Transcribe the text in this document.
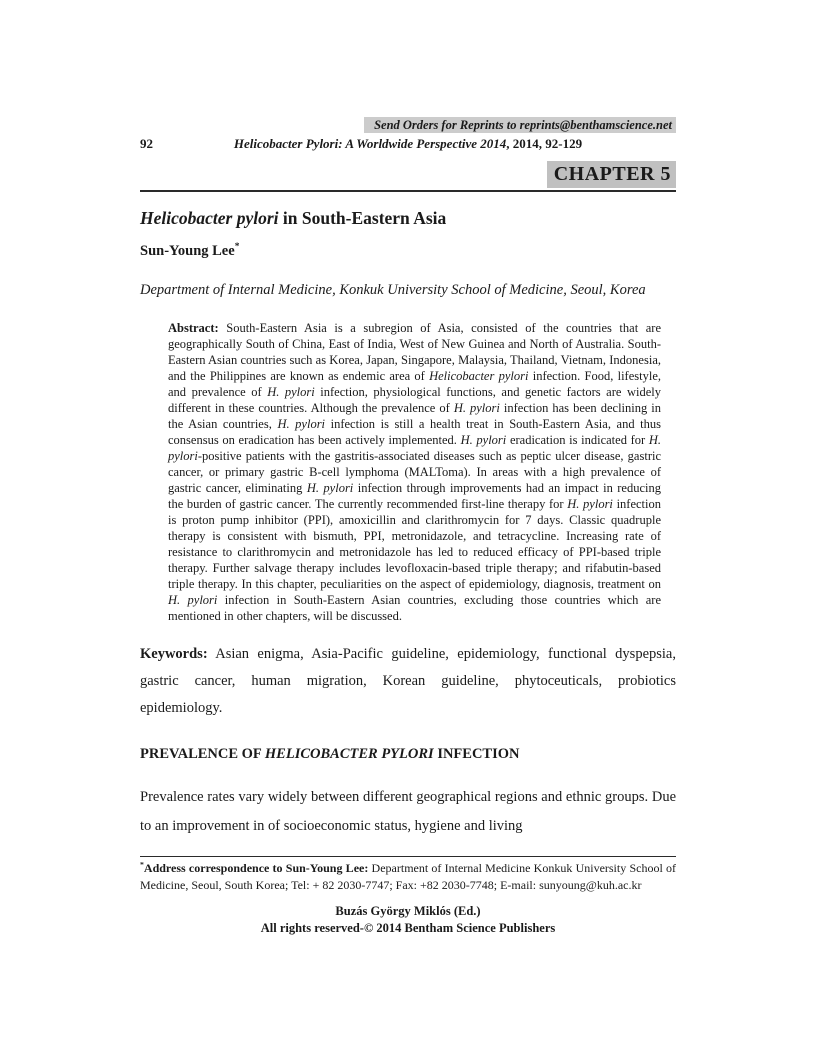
Send Orders for Reprints to reprints@benthamscience.net
92	Helicobacter Pylori: A Worldwide Perspective 2014, 2014, 92-129
CHAPTER 5
Helicobacter pylori in South-Eastern Asia
Sun-Young Lee*
Department of Internal Medicine, Konkuk University School of Medicine, Seoul, Korea
Abstract: South-Eastern Asia is a subregion of Asia, consisted of the countries that are geographically South of China, East of India, West of New Guinea and North of Australia. South-Eastern Asian countries such as Korea, Japan, Singapore, Malaysia, Thailand, Vietnam, Indonesia, and the Philippines are known as endemic area of Helicobacter pylori infection. Food, lifestyle, and prevalence of H. pylori infection, physiological functions, and genetic factors are widely different in these countries. Although the prevalence of H. pylori infection has been declining in the Asian countries, H. pylori infection is still a health treat in South-Eastern Asia, and thus consensus on eradication has been actively implemented. H. pylori eradication is indicated for H. pylori-positive patients with the gastritis-associated diseases such as peptic ulcer disease, gastric cancer, or primary gastric B-cell lymphoma (MALToma). In areas with a high prevalence of gastric cancer, eliminating H. pylori infection through improvements had an impact in reducing the burden of gastric cancer. The currently recommended first-line therapy for H. pylori infection is proton pump inhibitor (PPI), amoxicillin and clarithromycin for 7 days. Classic quadruple therapy is consistent with bismuth, PPI, metronidazole, and tetracycline. Increasing rate of resistance to clarithromycin and metronidazole has led to reduced efficacy of PPI-based triple therapy. Further salvage therapy includes levofloxacin-based triple therapy; and rifabutin-based triple therapy. In this chapter, peculiarities on the aspect of epidemiology, diagnosis, treatment on H. pylori infection in South-Eastern Asian countries, excluding those countries which are mentioned in other chapters, will be discussed.
Keywords: Asian enigma, Asia-Pacific guideline, epidemiology, functional dyspepsia, gastric cancer, human migration, Korean guideline, phytoceuticals, probiotics epidemiology.
PREVALENCE OF HELICOBACTER PYLORI INFECTION
Prevalence rates vary widely between different geographical regions and ethnic groups. Due to an improvement in of socioeconomic status, hygiene and living
*Address correspondence to Sun-Young Lee: Department of Internal Medicine Konkuk University School of Medicine, Seoul, South Korea; Tel: + 82 2030-7747; Fax: +82 2030-7748; E-mail: sunyoung@kuh.ac.kr
Buzás György Miklós (Ed.)
All rights reserved-© 2014 Bentham Science Publishers
